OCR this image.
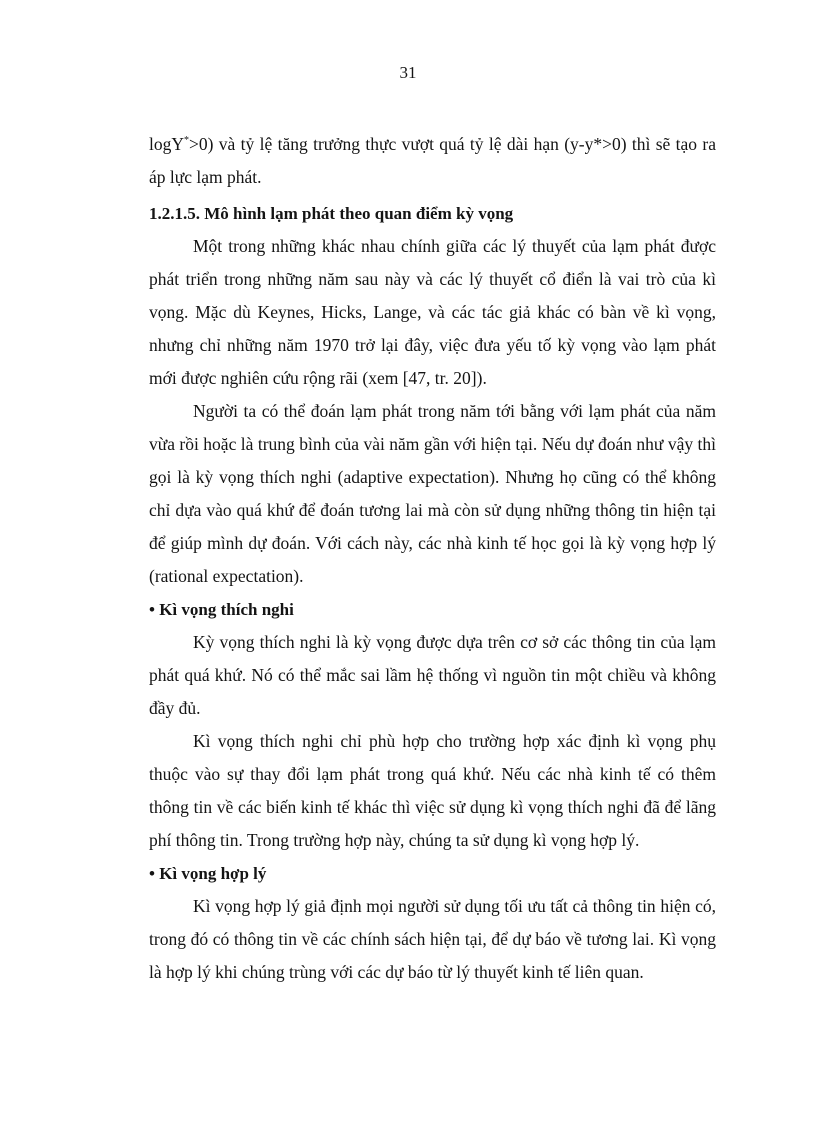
31

logY*>0) và tỷ lệ tăng trưởng thực vượt quá tỷ lệ dài hạn (y-y*>0) thì sẽ tạo ra áp lực lạm phát.

1.2.1.5. Mô hình lạm phát theo quan điểm kỳ vọng

Một trong những khác nhau chính giữa các lý thuyết của lạm phát được phát triển trong những năm sau này và các lý thuyết cổ điển là vai trò của kì vọng. Mặc dù Keynes, Hicks, Lange, và các tác giả khác có bàn về kì vọng, nhưng chỉ những năm 1970 trở lại đây, việc đưa yếu tố kỳ vọng vào lạm phát mới được nghiên cứu rộng rãi (xem [47, tr. 20]).

Người ta có thể đoán lạm phát trong năm tới bằng với lạm phát của năm vừa rồi hoặc là trung bình của vài năm gần với hiện tại. Nếu dự đoán như vậy thì gọi là kỳ vọng thích nghi (adaptive expectation). Nhưng họ cũng có thể không chỉ dựa vào quá khứ để đoán tương lai mà còn sử dụng những thông tin hiện tại để giúp mình dự đoán. Với cách này, các nhà kinh tế học gọi là kỳ vọng hợp lý (rational expectation).

• Kì vọng thích nghi

Kỳ vọng thích nghi là kỳ vọng được dựa trên cơ sở các thông tin của lạm phát quá khứ. Nó có thể mắc sai lầm hệ thống vì nguồn tin một chiều và không đầy đủ.

Kì vọng thích nghi chỉ phù hợp cho trường hợp xác định kì vọng phụ thuộc vào sự thay đổi lạm phát trong quá khứ. Nếu các nhà kinh tế có thêm thông tin về các biến kinh tế khác thì việc sử dụng kì vọng thích nghi đã để lãng phí thông tin. Trong trường hợp này, chúng ta sử dụng kì vọng hợp lý.

• Kì vọng hợp lý

Kì vọng hợp lý giả định mọi người sử dụng tối ưu tất cả thông tin hiện có, trong đó có thông tin về các chính sách hiện tại, để dự báo về tương lai. Kì vọng là hợp lý khi chúng trùng với các dự báo từ lý thuyết kinh tế liên quan.
